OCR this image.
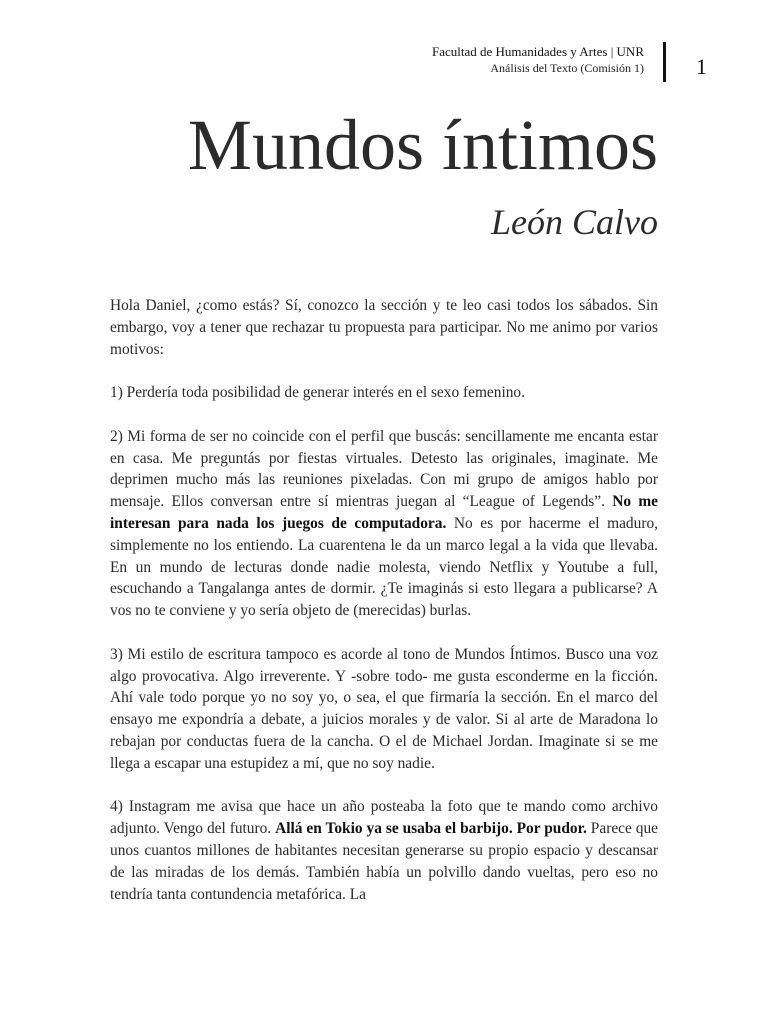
Facultad de Humanidades y Artes | UNR
Análisis del Texto (Comisión 1) 1
Mundos íntimos
León Calvo

Hola Daniel, ¿como estás? Sí, conozco la sección y te leo casi todos los sábados. Sin embargo, voy a tener que rechazar tu propuesta para participar. No me animo por varios motivos:

1) Perdería toda posibilidad de generar interés en el sexo femenino.

2) Mi forma de ser no coincide con el perfil que buscás: sencillamente me encanta estar en casa. Me preguntás por fiestas virtuales. Detesto las originales, imaginate. Me deprimen mucho más las reuniones pixeladas. Con mi grupo de amigos hablo por mensaje. Ellos conversan entre sí mientras juegan al “League of Legends”. No me interesan para nada los juegos de computadora. No es por hacerme el maduro, simplemente no los entiendo. La cuarentena le da un marco legal a la vida que llevaba. En un mundo de lecturas donde nadie molesta, viendo Netflix y Youtube a full, escuchando a Tangalanga antes de dormir. ¿Te imaginás si esto llegara a publicarse? A vos no te conviene y yo sería objeto de (merecidas) burlas.

3) Mi estilo de escritura tampoco es acorde al tono de Mundos Íntimos. Busco una voz algo provocativa. Algo irreverente. Y -sobre todo- me gusta esconderme en la ficción. Ahí vale todo porque yo no soy yo, o sea, el que firmaría la sección. En el marco del ensayo me expondría a debate, a juicios morales y de valor. Si al arte de Maradona lo rebajan por conductas fuera de la cancha. O el de Michael Jordan. Imaginate si se me llega a escapar una estupidez a mí, que no soy nadie.

4) Instagram me avisa que hace un año posteaba la foto que te mando como archivo adjunto. Vengo del futuro. Allá en Tokio ya se usaba el barbijo. Por pudor. Parece que unos cuantos millones de habitantes necesitan generarse su propio espacio y descansar de las miradas de los demás. También había un polvillo dando vueltas, pero eso no tendría tanta contundencia metafórica. La
